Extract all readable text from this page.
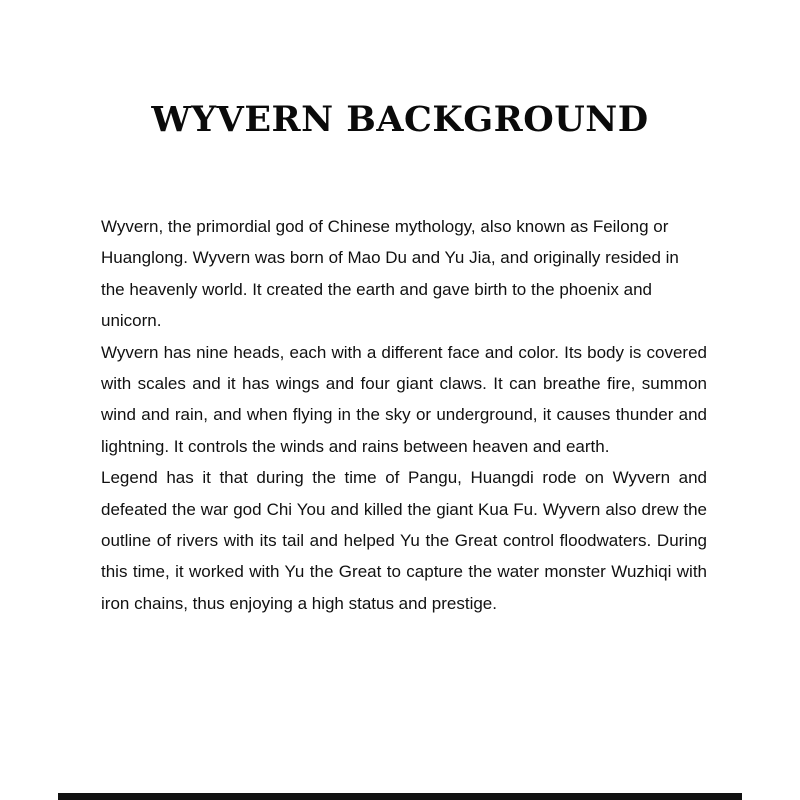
WYVERN BACKGROUND

Wyvern, the primordial god of Chinese mythology, also known as Feilong or Huanglong. Wyvern was born of Mao Du and Yu Jia, and originally resided in the heavenly world. It created the earth and gave birth to the phoenix and unicorn.

Wyvern has nine heads, each with a different face and color. Its body is covered with scales and it has wings and four giant claws. It can breathe fire, summon wind and rain, and when flying in the sky or underground, it causes thunder and lightning. It controls the winds and rains between heaven and earth.

Legend has it that during the time of Pangu, Huangdi rode on Wyvern and defeated the war god Chi You and killed the giant Kua Fu. Wyvern also drew the outline of rivers with its tail and helped Yu the Great control floodwaters. During this time, it worked with Yu the Great to capture the water monster Wuzhiqi with iron chains, thus enjoying a high status and prestige.
